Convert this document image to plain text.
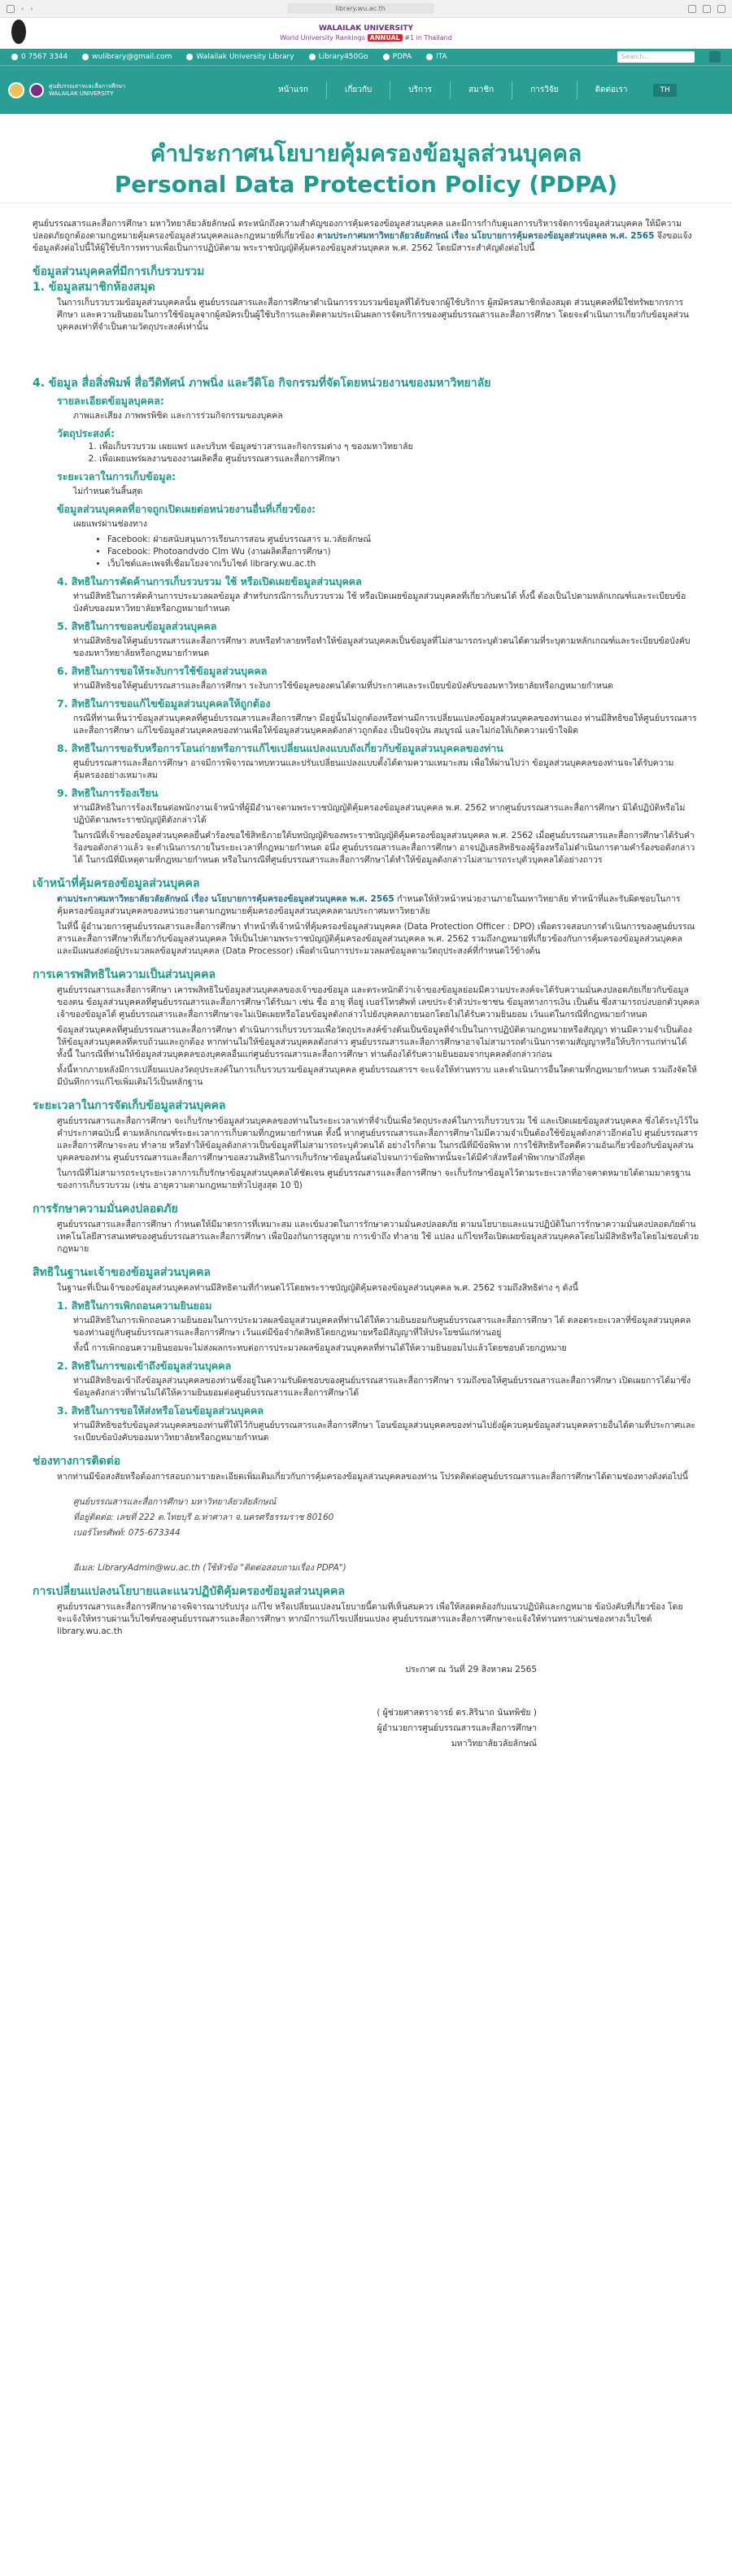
‹ ›	library.wu.ac.th
WALAILAK UNIVERSITY
World University Rankings ANNUAL #1 in Thailand
0 7567 3344	wulibrary@gmail.com	Walailak University Library	Library450Go	PDPA	ITA	Search...
ศูนย์บรรณสารและสื่อการศึกษา
WALAILAK UNIVERSITY	หน้าแรก	เกี่ยวกับ	บริการ	สมาชิก	การวิจัย	ติดต่อเรา	TH
คำประกาศนโยบายคุ้มครองข้อมูลส่วนบุคคล
Personal Data Protection Policy (PDPA)

ศูนย์บรรณสารและสื่อการศึกษา มหาวิทยาลัยวลัยลักษณ์ ตระหนักถึงความสำคัญของการคุ้มครองข้อมูลส่วนบุคคล และมีการกำกับดูแลการบริหารจัดการข้อมูลส่วนบุคคล ให้มีความปลอดภัยถูกต้องตามกฎหมายคุ้มครองข้อมูลส่วนบุคคลและกฎหมายที่เกี่ยวข้อง ตามประกาศมหาวิทยาลัยวลัยลักษณ์ เรื่อง นโยบายการคุ้มครองข้อมูลส่วนบุคคล พ.ศ. 2565 จึงขอแจ้งข้อมูลดังต่อไปนี้ให้ผู้ใช้บริการทราบเพื่อเป็นการปฏิบัติตาม พระราชบัญญัติคุ้มครองข้อมูลส่วนบุคคล พ.ศ. 2562 โดยมีสาระสำคัญดังต่อไปนี้

ข้อมูลส่วนบุคคลที่มีการเก็บรวบรวม
1. ข้อมูลสมาชิกห้องสมุด

ในการเก็บรวบรวมข้อมูลส่วนบุคคลนั้น ศูนย์บรรณสารและสื่อการศึกษาดำเนินการรวบรวมข้อมูลที่ได้รับจากผู้ใช้บริการ ผู้สมัครสมาชิกห้องสมุด ส่วนบุคคลที่มิใช่ทรัพยากรการศึกษา และความยินยอมในการใช้ข้อมูลจากผู้สมัครเป็นผู้ใช้บริการและติดตามประเมินผลการจัดบริการของศูนย์บรรณสารและสื่อการศึกษา โดยจะดำเนินการเกี่ยวกับข้อมูลส่วนบุคคลเท่าที่จำเป็นตามวัตถุประสงค์เท่านั้น

4. ข้อมูล สื่อสิ่งพิมพ์ สื่อวีดิทัศน์ ภาพนิ่ง และวีดิโอ กิจกรรมที่จัดโดยหน่วยงานของมหาวิทยาลัย
รายละเอียดข้อมูลบุคคล:

ภาพและเสียง ภาพพรพิชิต และการร่วมกิจกรรมของบุคคล

วัตถุประสงค์:
1. เพื่อเก็บรวบรวม เผยแพร่ และบริบท ข้อมูลข่าวสารและกิจกรรมต่าง ๆ ของมหาวิทยาลัย
2. เพื่อเผยแพร่ผลงานของงานผลิตสื่อ ศูนย์บรรณสารและสื่อการศึกษา
ระยะเวลาในการเก็บข้อมูล:

ไม่กำหนดวันสิ้นสุด

ข้อมูลส่วนบุคคลที่อาจถูกเปิดเผยต่อหน่วยงานอื่นที่เกี่ยวข้อง:

เผยแพร่ผ่านช่องทาง

• Facebook: ฝ่ายสนับสนุนการเรียนการสอน ศูนย์บรรณสาร ม.วลัยลักษณ์
• Facebook: Photoandvdo Clm Wu (งานผลิตสื่อการศึกษา)
• เว็บไซต์และเพจที่เชื่อมโยงจากเว็บไซต์ library.wu.ac.th
4. สิทธิในการคัดค้านการเก็บรวบรวม ใช้ หรือเปิดเผยข้อมูลส่วนบุคคล

ท่านมีสิทธิในการคัดค้านการประมวลผลข้อมูล สำหรับกรณีการเก็บรวบรวม ใช้ หรือเปิดเผยข้อมูลส่วนบุคคลที่เกี่ยวกับตนได้ ทั้งนี้ ต้องเป็นไปตามหลักเกณฑ์และระเบียบข้อบังคับของมหาวิทยาลัยหรือกฎหมายกำหนด

5. สิทธิในการขอลบข้อมูลส่วนบุคคล

ท่านมีสิทธิขอให้ศูนย์บรรณสารและสื่อการศึกษา ลบหรือทำลายหรือทำให้ข้อมูลส่วนบุคคลเป็นข้อมูลที่ไม่สามารถระบุตัวตนได้ตามที่ระบุตามหลักเกณฑ์และระเบียบข้อบังคับของมหาวิทยาลัยหรือกฎหมายกำหนด

6. สิทธิในการขอให้ระงับการใช้ข้อมูลส่วนบุคคล

ท่านมีสิทธิขอให้ศูนย์บรรณสารและสื่อการศึกษา ระงับการใช้ข้อมูลของตนได้ตามที่ประกาศและระเบียบข้อบังคับของมหาวิทยาลัยหรือกฎหมายกำหนด

7. สิทธิในการขอแก้ไขข้อมูลส่วนบุคคลให้ถูกต้อง

กรณีที่ท่านเห็นว่าข้อมูลส่วนบุคคลที่ศูนย์บรรณสารและสื่อการศึกษา มีอยู่นั้นไม่ถูกต้องหรือท่านมีการเปลี่ยนแปลงข้อมูลส่วนบุคคลของท่านเอง ท่านมีสิทธิขอให้ศูนย์บรรณสารและสื่อการศึกษา แก้ไขข้อมูลส่วนบุคคลของท่านเพื่อให้ข้อมูลส่วนบุคคลดังกล่าวถูกต้อง เป็นปัจจุบัน สมบูรณ์ และไม่ก่อให้เกิดความเข้าใจผิด

8. สิทธิในการขอรับหรือการโอนถ่ายหรือการแก้ไขเปลี่ยนแปลงแบบถังเกี่ยวกับข้อมูลส่วนบุคคลของท่าน

ศูนย์บรรณสารและสื่อการศึกษา อาจมีการพิจารณาทบทวนและปรับเปลี่ยนแปลงแบบตั้งได้ตามความเหมาะสม เพื่อให้ผ่านไปว่า ข้อมูลส่วนบุคคลของท่านจะได้รับความคุ้มครองอย่างเหมาะสม

9. สิทธิในการร้องเรียน

ท่านมีสิทธิในการร้องเรียนต่อพนักงานเจ้าหน้าที่ผู้มีอำนาจตามพระราชบัญญัติคุ้มครองข้อมูลส่วนบุคคล พ.ศ. 2562 หากศูนย์บรรณสารและสื่อการศึกษา มิได้ปฏิบัติหรือไม่ปฏิบัติตามพระราชบัญญัติดังกล่าวได้

ในกรณีที่เจ้าของข้อมูลส่วนบุคคลยื่นคำร้องขอใช้สิทธิภายใต้บทบัญญัติของพระราชบัญญัติคุ้มครองข้อมูลส่วนบุคคล พ.ศ. 2562 เมื่อศูนย์บรรณสารและสื่อการศึกษาได้รับคำร้องขอดังกล่าวแล้ว จะดำเนินการภายในระยะเวลาที่กฎหมายกำหนด อนึ่ง ศูนย์บรรณสารและสื่อการศึกษา อาจปฏิเสธสิทธิของผู้ร้องหรือไม่ดำเนินการตามคำร้องขอดังกล่าวได้ ในกรณีที่มีเหตุตามที่กฎหมายกำหนด หรือในกรณีที่ศูนย์บรรณสารและสื่อการศึกษาได้ทำให้ข้อมูลดังกล่าวไม่สามารถระบุตัวบุคคลได้อย่างถาวร

เจ้าหน้าที่คุ้มครองข้อมูลส่วนบุคคล

ตามประกาศมหาวิทยาลัยวลัยลักษณ์ เรื่อง นโยบายการคุ้มครองข้อมูลส่วนบุคคล พ.ศ. 2565 กำหนดให้หัวหน้าหน่วยงานภายในมหาวิทยาลัย ทำหน้าที่และรับผิดชอบในการคุ้มครองข้อมูลส่วนบุคคลของหน่วยงานตามกฎหมายคุ้มครองข้อมูลส่วนบุคคลตามประกาศมหาวิทยาลัย

ในที่นี้ ผู้อำนวยการศูนย์บรรณสารและสื่อการศึกษา ทำหน้าที่เจ้าหน้าที่คุ้มครองข้อมูลส่วนบุคคล (Data Protection Officer : DPO) เพื่อตรวจสอบการดำเนินการของศูนย์บรรณสารและสื่อการศึกษาที่เกี่ยวกับข้อมูลส่วนบุคคล ให้เป็นไปตามพระราชบัญญัติคุ้มครองข้อมูลส่วนบุคคล พ.ศ. 2562 รวมถึงกฎหมายที่เกี่ยวข้องกับการคุ้มครองข้อมูลส่วนบุคคล และมีแผนส่งต่อผู้ประมวลผลข้อมูลส่วนบุคคล (Data Processor) เพื่อดำเนินการประมวลผลข้อมูลตามวัตถุประสงค์ที่กำหนดไว้ข้างต้น

การเคารพสิทธิในความเป็นส่วนบุคคล

ศูนย์บรรณสารและสื่อการศึกษา เคารพสิทธิในข้อมูลส่วนบุคคลของเจ้าของข้อมูล และตระหนักดีว่าเจ้าของข้อมูลย่อมมีความประสงค์จะได้รับความมั่นคงปลอดภัยเกี่ยวกับข้อมูลของตน ข้อมูลส่วนบุคคลที่ศูนย์บรรณสารและสื่อการศึกษาได้รับมา เช่น ชื่อ อายุ ที่อยู่ เบอร์โทรศัพท์ เลขประจำตัวประชาชน ข้อมูลทางการเงิน เป็นต้น ซึ่งสามารถบ่งบอกตัวบุคคลเจ้าของข้อมูลได้ ศูนย์บรรณสารและสื่อการศึกษาจะไม่เปิดเผยหรือโอนข้อมูลดังกล่าวไปยังบุคคลภายนอกโดยไม่ได้รับความยินยอม เว้นแต่ในกรณีที่กฎหมายกำหนด

ข้อมูลส่วนบุคคลที่ศูนย์บรรณสารและสื่อการศึกษา ดำเนินการเก็บรวบรวมเพื่อวัตถุประสงค์ข้างต้นเป็นข้อมูลที่จำเป็นในการปฏิบัติตามกฎหมายหรือสัญญา ท่านมีความจำเป็นต้องให้ข้อมูลส่วนบุคคลที่ครบถ้วนและถูกต้อง หากท่านไม่ให้ข้อมูลส่วนบุคคลดังกล่าว ศูนย์บรรณสารและสื่อการศึกษาอาจไม่สามารถดำเนินการตามสัญญาหรือให้บริการแก่ท่านได้ ทั้งนี้ ในกรณีที่ท่านให้ข้อมูลส่วนบุคคลของบุคคลอื่นแก่ศูนย์บรรณสารและสื่อการศึกษา ท่านต้องได้รับความยินยอมจากบุคคลดังกล่าวก่อน

ทั้งนี้หากภายหลังมีการเปลี่ยนแปลงวัตถุประสงค์ในการเก็บรวบรวมข้อมูลส่วนบุคคล ศูนย์บรรณสารฯ จะแจ้งให้ท่านทราบ และดำเนินการอื่นใดตามที่กฎหมายกำหนด รวมถึงจัดให้มีบันทึกการแก้ไขเพิ่มเติมไว้เป็นหลักฐาน

ระยะเวลาในการจัดเก็บข้อมูลส่วนบุคคล

ศูนย์บรรณสารและสื่อการศึกษา จะเก็บรักษาข้อมูลส่วนบุคคลของท่านในระยะเวลาเท่าที่จำเป็นเพื่อวัตถุประสงค์ในการเก็บรวบรวม ใช้ และเปิดเผยข้อมูลส่วนบุคคล ซึ่งได้ระบุไว้ในคำประกาศฉบับนี้ ตามหลักเกณฑ์ระยะเวลาการเก็บตามที่กฎหมายกำหนด ทั้งนี้ หากศูนย์บรรณสารและสื่อการศึกษาไม่มีความจำเป็นต้องใช้ข้อมูลดังกล่าวอีกต่อไป ศูนย์บรรณสารและสื่อการศึกษาจะลบ ทำลาย หรือทำให้ข้อมูลดังกล่าวเป็นข้อมูลที่ไม่สามารถระบุตัวตนได้ อย่างไรก็ตาม ในกรณีที่มีข้อพิพาท การใช้สิทธิหรือคดีความอันเกี่ยวข้องกับข้อมูลส่วนบุคคลของท่าน ศูนย์บรรณสารและสื่อการศึกษาขอสงวนสิทธิในการเก็บรักษาข้อมูลนั้นต่อไปจนกว่าข้อพิพาทนั้นจะได้มีคำสั่งหรือคำพิพากษาถึงที่สุด

ในกรณีที่ไม่สามารถระบุระยะเวลาการเก็บรักษาข้อมูลส่วนบุคคลได้ชัดเจน ศูนย์บรรณสารและสื่อการศึกษา จะเก็บรักษาข้อมูลไว้ตามระยะเวลาที่อาจคาดหมายได้ตามมาตรฐานของการเก็บรวบรวม (เช่น อายุความตามกฎหมายทั่วไปสูงสุด 10 ปี)

การรักษาความมั่นคงปลอดภัย

ศูนย์บรรณสารและสื่อการศึกษา กำหนดให้มีมาตรการที่เหมาะสม และเข้มงวดในการรักษาความมั่นคงปลอดภัย ตามนโยบายและแนวปฏิบัติในการรักษาความมั่นคงปลอดภัยด้านเทคโนโลยีสารสนเทศของศูนย์บรรณสารและสื่อการศึกษา เพื่อป้องกันการสูญหาย การเข้าถึง ทำลาย ใช้ แปลง แก้ไขหรือเปิดเผยข้อมูลส่วนบุคคลโดยไม่มีสิทธิหรือโดยไม่ชอบด้วยกฎหมาย

สิทธิในฐานะเจ้าของข้อมูลส่วนบุคคล

ในฐานะที่เป็นเจ้าของข้อมูลส่วนบุคคลท่านมีสิทธิตามที่กำหนดไว้โดยพระราชบัญญัติคุ้มครองข้อมูลส่วนบุคคล พ.ศ. 2562 รวมถึงสิทธิต่าง ๆ ดังนี้

1. สิทธิในการเพิกถอนความยินยอม

ท่านมีสิทธิในการเพิกถอนความยินยอมในการประมวลผลข้อมูลส่วนบุคคลที่ท่านได้ให้ความยินยอมกับศูนย์บรรณสารและสื่อการศึกษา ได้ ตลอดระยะเวลาที่ข้อมูลส่วนบุคคลของท่านอยู่กับศูนย์บรรณสารและสื่อการศึกษา เว้นแต่มีข้อจำกัดสิทธิโดยกฎหมายหรือมีสัญญาที่ให้ประโยชน์แก่ท่านอยู่

ทั้งนี้ การเพิกถอนความยินยอมจะไม่ส่งผลกระทบต่อการประมวลผลข้อมูลส่วนบุคคลที่ท่านได้ให้ความยินยอมไปแล้วโดยชอบด้วยกฎหมาย

2. สิทธิในการขอเข้าถึงข้อมูลส่วนบุคคล

ท่านมีสิทธิขอเข้าถึงข้อมูลส่วนบุคคลของท่านซึ่งอยู่ในความรับผิดชอบของศูนย์บรรณสารและสื่อการศึกษา รวมถึงขอให้ศูนย์บรรณสารและสื่อการศึกษา เปิดเผยการได้มาซึ่งข้อมูลดังกล่าวที่ท่านไม่ได้ให้ความยินยอมต่อศูนย์บรรณสารและสื่อการศึกษาได้

3. สิทธิในการขอให้ส่งหรือโอนข้อมูลส่วนบุคคล

ท่านมีสิทธิขอรับข้อมูลส่วนบุคคลของท่านที่ให้ไว้กับศูนย์บรรณสารและสื่อการศึกษา โอนข้อมูลส่วนบุคคลของท่านไปยังผู้ควบคุมข้อมูลส่วนบุคคลรายอื่นได้ตามที่ประกาศและระเบียบข้อบังคับของมหาวิทยาลัยหรือกฎหมายกำหนด

ช่องทางการติดต่อ

หากท่านมีข้อสงสัยหรือต้องการสอบถามรายละเอียดเพิ่มเติมเกี่ยวกับการคุ้มครองข้อมูลส่วนบุคคลของท่าน โปรดติดต่อศูนย์บรรณสารและสื่อการศึกษาได้ตามช่องทางดังต่อไปนี้

ศูนย์บรรณสารและสื่อการศึกษา มหาวิทยาลัยวลัยลักษณ์

ที่อยู่ติดต่อ: เลขที่ 222 ต.ไทยบุรี อ.ท่าศาลา จ.นครศรีธรรมราช 80160

เบอร์โทรศัพท์: 075-673344

อีเมล: LibraryAdmin@wu.ac.th (ใช้หัวข้อ "ติดต่อสอบถามเรื่อง PDPA")

การเปลี่ยนแปลงนโยบายและแนวปฏิบัติคุ้มครองข้อมูลส่วนบุคคล

ศูนย์บรรณสารและสื่อการศึกษาอาจพิจารณาปรับปรุง แก้ไข หรือเปลี่ยนแปลงนโยบายนี้ตามที่เห็นสมควร เพื่อให้สอดคล้องกับแนวปฏิบัติและกฎหมาย ข้อบังคับที่เกี่ยวข้อง โดยจะแจ้งให้ทราบผ่านเว็บไซต์ของศูนย์บรรณสารและสื่อการศึกษา หากมีการแก้ไขเปลี่ยนแปลง ศูนย์บรรณสารและสื่อการศึกษาจะแจ้งให้ท่านทราบผ่านช่องทางเว็บไซต์ library.wu.ac.th

ประกาศ ณ วันที่ 29 สิงหาคม 2565

( ผู้ช่วยศาสตราจารย์ ดร.สิรินาถ นันทพิชัย )

ผู้อำนวยการศูนย์บรรณสารและสื่อการศึกษา

มหาวิทยาลัยวลัยลักษณ์
